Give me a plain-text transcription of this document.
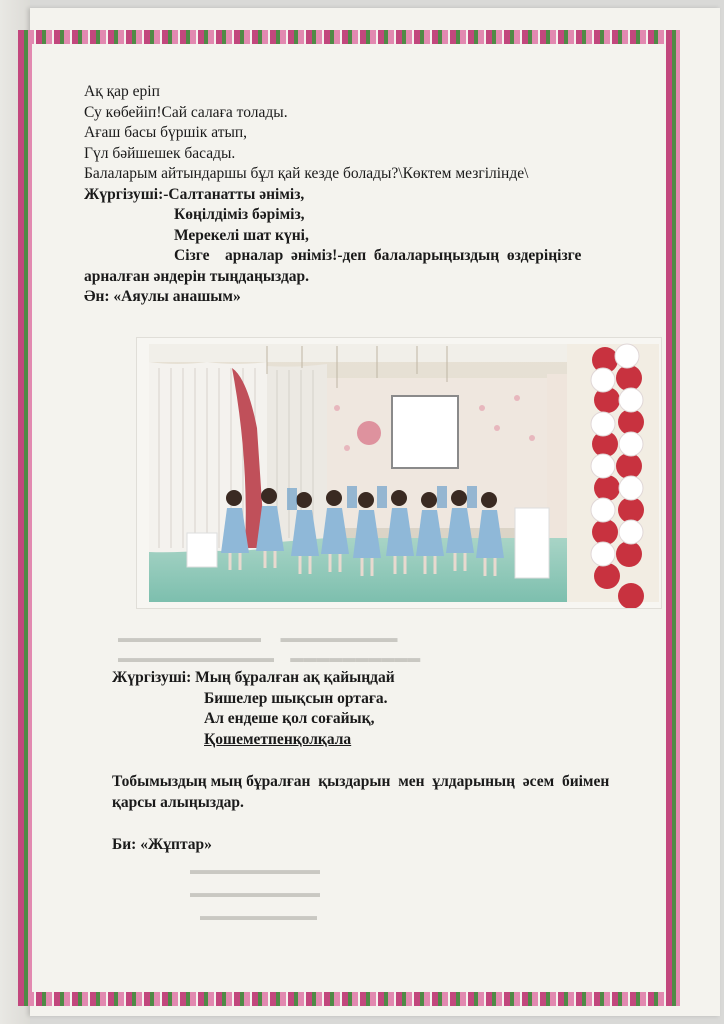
Ақ қар еріп
Су көбейіп!Сай салаға толады.
Ағаш басы бүршік атып,
Гүл бәйшешек басады.
Балаларым айтындаршы бұл қай кезде болады?\Көктем мезгілінде\
Жүргізуші:-Салтанатты әніміз,
Көңілдіміз бәріміз,
Мерекелі шат күні,
Сізге    арналар  әніміз!-деп  балаларыңыздың  өздеріңізге
арналған әндерін тыңдаңыздар.
Ән: «Аяулы анашым»
▬▬▬▬▬▬▬▬▬▬▬      ▬▬▬▬▬▬▬▬▬
▬▬▬▬▬▬▬▬▬▬▬▬     ▬▬▬▬▬▬▬▬▬▬
▬▬▬▬▬▬▬▬▬▬
▬▬▬▬▬▬▬▬▬▬
▬▬▬▬▬▬▬▬▬
Жүргізуші: Мың бұралған ақ қайыңдай
Бишелер шықсын ортаға.
Ал ендеше қол соғайық,
Қошеметпенқолқала
Тобымыздың мың бұралған  қыздарын  мен  ұлдарының  әсем  биімен
қарсы алыңыздар.
Би: «Жұптар»
